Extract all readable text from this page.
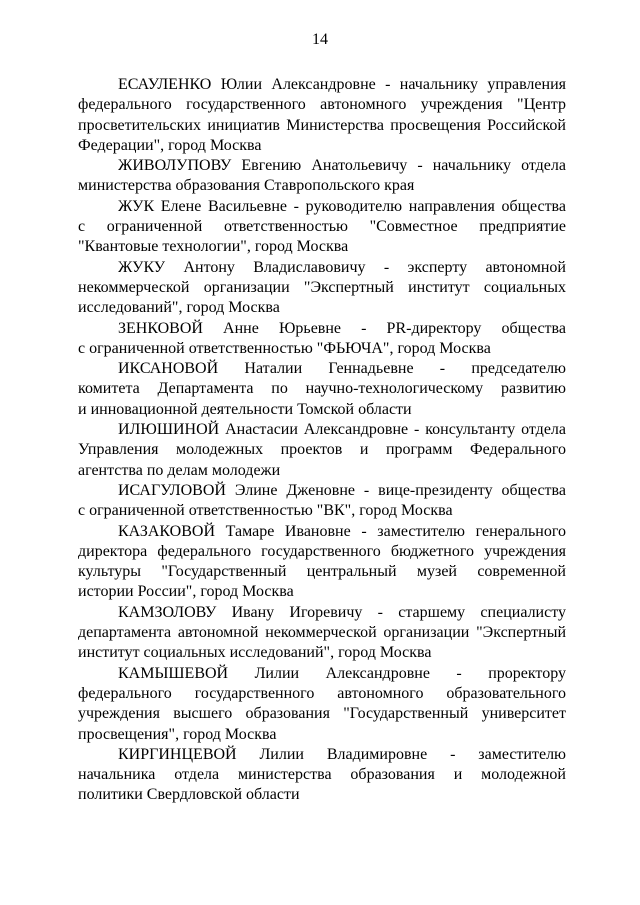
14
ЕСАУЛЕНКО Юлии Александровне - начальнику управления
федерального государственного автономного учреждения "Центр
просветительских инициатив Министерства просвещения Российской
Федерации", город Москва
ЖИВОЛУПОВУ Евгению Анатольевичу - начальнику отдела
министерства образования Ставропольского края
ЖУК Елене Васильевне - руководителю направления общества
с ограниченной ответственностью "Совместное предприятие
"Квантовые технологии", город Москва
ЖУКУ Антону Владиславовичу - эксперту автономной
некоммерческой организации "Экспертный институт социальных
исследований", город Москва
ЗЕНКОВОЙ Анне Юрьевне - PR-директору общества
с ограниченной ответственностью "ФЬЮЧА", город Москва
ИКСАНОВОЙ Наталии Геннадьевне - председателю
комитета Департамента по научно-технологическому развитию
и инновационной деятельности Томской области
ИЛЮШИНОЙ Анастасии Александровне - консультанту отдела
Управления молодежных проектов и программ Федерального
агентства по делам молодежи
ИСАГУЛОВОЙ Элине Дженовне - вице-президенту общества
с ограниченной ответственностью "ВК", город Москва
КАЗАКОВОЙ Тамаре Ивановне - заместителю генерального
директора федерального государственного бюджетного учреждения
культуры "Государственный центральный музей современной
истории России", город Москва
КАМЗОЛОВУ Ивану Игоревичу - старшему специалисту
департамента автономной некоммерческой организации "Экспертный
институт социальных исследований", город Москва
КАМЫШЕВОЙ Лилии Александровне - проректору
федерального государственного автономного образовательного
учреждения высшего образования "Государственный университет
просвещения", город Москва
КИРГИНЦЕВОЙ Лилии Владимировне - заместителю
начальника отдела министерства образования и молодежной
политики Свердловской области
